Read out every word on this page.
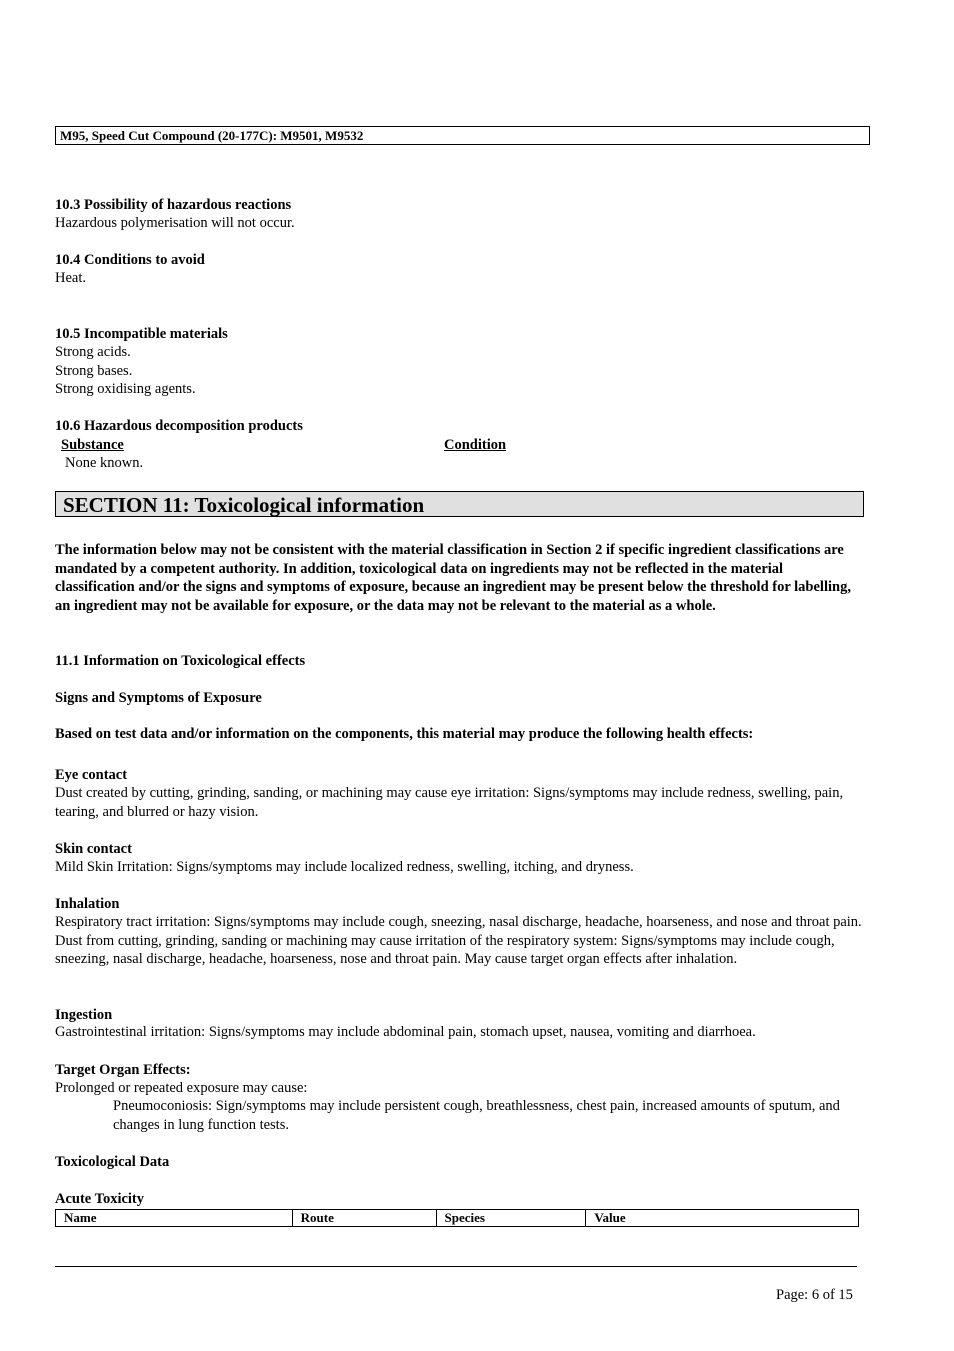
M95, Speed Cut Compound (20-177C): M9501, M9532
10.3 Possibility of hazardous reactions
Hazardous polymerisation will not occur.
10.4 Conditions to avoid
Heat.
10.5 Incompatible materials
Strong acids.
Strong bases.
Strong oxidising agents.
10.6 Hazardous decomposition products
Substance	Condition
None known.
SECTION 11: Toxicological information
The information below may not be consistent with the material classification in Section 2 if specific ingredient classifications are mandated by a competent authority. In addition, toxicological data on ingredients may not be reflected in the material classification and/or the signs and symptoms of exposure, because an ingredient may be present below the threshold for labelling, an ingredient may not be available for exposure, or the data may not be relevant to the material as a whole.
11.1 Information on Toxicological effects
Signs and Symptoms of Exposure
Based on test data and/or information on the components, this material may produce the following health effects:
Eye contact
Dust created by cutting, grinding, sanding, or machining may cause eye irritation: Signs/symptoms may include redness, swelling, pain, tearing, and blurred or hazy vision.
Skin contact
Mild Skin Irritation: Signs/symptoms may include localized redness, swelling, itching, and dryness.
Inhalation
Respiratory tract irritation: Signs/symptoms may include cough, sneezing, nasal discharge, headache, hoarseness, and nose and throat pain. Dust from cutting, grinding, sanding or machining may cause irritation of the respiratory system: Signs/symptoms may include cough, sneezing, nasal discharge, headache, hoarseness, nose and throat pain. May cause target organ effects after inhalation.
Ingestion
Gastrointestinal irritation: Signs/symptoms may include abdominal pain, stomach upset, nausea, vomiting and diarrhoea.
Target Organ Effects:
Prolonged or repeated exposure may cause:
Pneumoconiosis: Sign/symptoms may include persistent cough, breathlessness, chest pain, increased amounts of sputum, and changes in lung function tests.
Toxicological Data
Acute Toxicity
Name	Route	Species	Value
Page: 6 of 15
